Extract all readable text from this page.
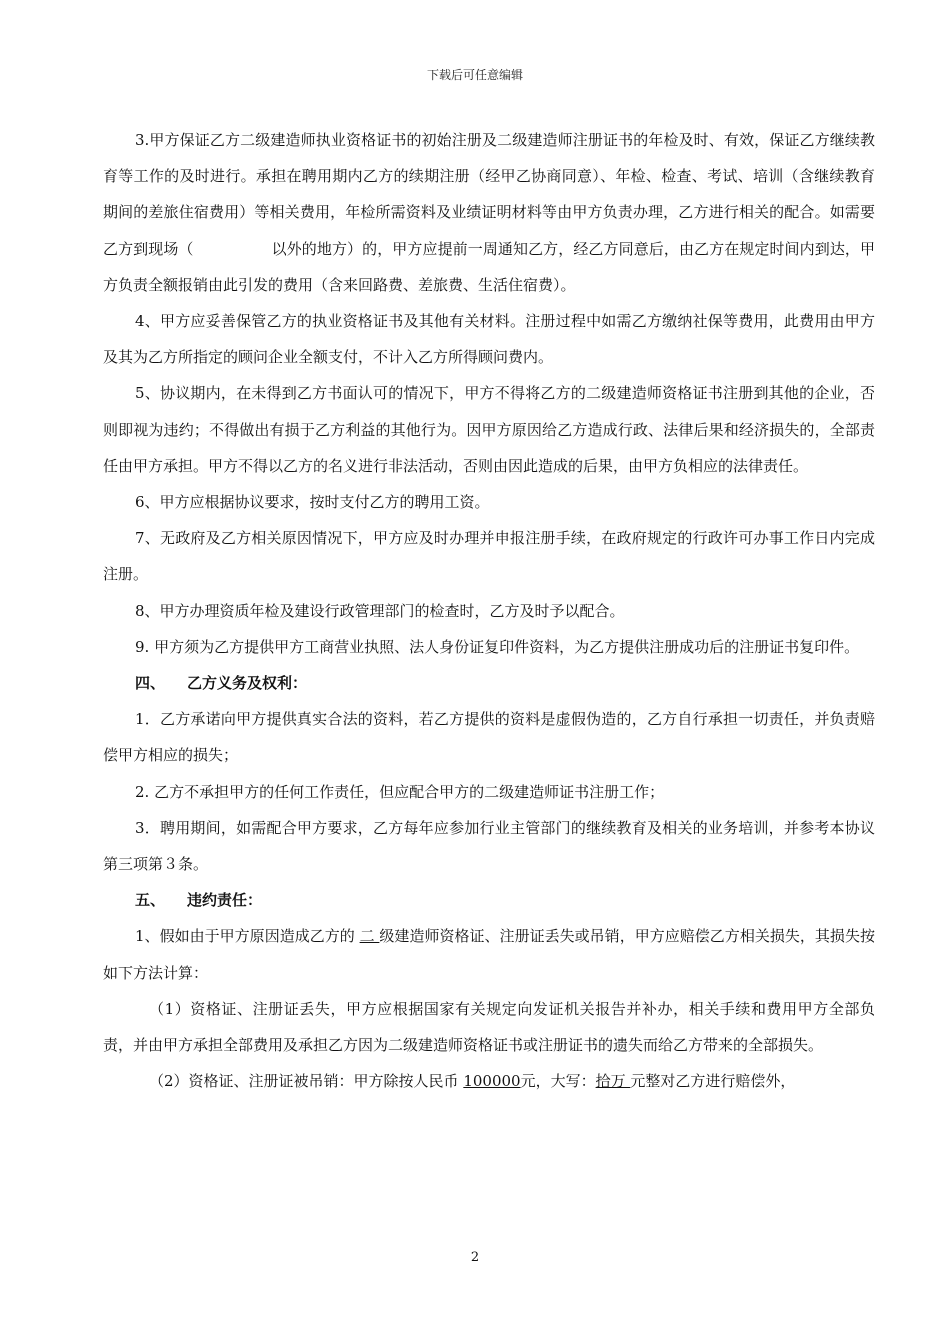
下载后可任意编辑

3.甲方保证乙方二级建造师执业资格证书的初始注册及二级建造师注册证书的年检及时、有效，保证乙方继续教育等工作的及时进行。承担在聘用期内乙方的续期注册（经甲乙协商同意）、年检、检查、考试、培训（含继续教育期间的差旅住宿费用）等相关费用，年检所需资料及业绩证明材料等由甲方负责办理，乙方进行相关的配合。如需要乙方到现场（	以外的地方）的，甲方应提前一周通知乙方，经乙方同意后，由乙方在规定时间内到达，甲方负责全额报销由此引发的费用（含来回路费、差旅费、生活住宿费）。

4、甲方应妥善保管乙方的执业资格证书及其他有关材料。注册过程中如需乙方缴纳社保等费用，此费用由甲方及其为乙方所指定的顾问企业全额支付，不计入乙方所得顾问费内。

5、协议期内，在未得到乙方书面认可的情况下，甲方不得将乙方的二级建造师资格证书注册到其他的企业，否则即视为违约；不得做出有损于乙方利益的其他行为。因甲方原因给乙方造成行政、法律后果和经济损失的，全部责任由甲方承担。甲方不得以乙方的名义进行非法活动，否则由因此造成的后果，由甲方负相应的法律责任。

6、甲方应根据协议要求，按时支付乙方的聘用工资。

7、无政府及乙方相关原因情况下，甲方应及时办理并申报注册手续，在政府规定的行政许可办事工作日内完成注册。

8、甲方办理资质年检及建设行政管理部门的检查时，乙方及时予以配合。

9. 甲方须为乙方提供甲方工商营业执照、法人身份证复印件资料，为乙方提供注册成功后的注册证书复印件。

四、 乙方义务及权利：

1．乙方承诺向甲方提供真实合法的资料，若乙方提供的资料是虚假伪造的，乙方自行承担一切责任，并负责赔偿甲方相应的损失；

2. 乙方不承担甲方的任何工作责任，但应配合甲方的二级建造师证书注册工作；

3．聘用期间，如需配合甲方要求，乙方每年应参加行业主管部门的继续教育及相关的业务培训，并参考本协议第三项第３条。

五、 违约责任：

1、假如由于甲方原因造成乙方的 二 级建造师资格证、注册证丢失或吊销，甲方应赔偿乙方相关损失，其损失按如下方法计算：

（1）资格证、注册证丢失，甲方应根据国家有关规定向发证机关报告并补办，相关手续和费用甲方全部负责，并由甲方承担全部费用及承担乙方因为二级建造师资格证书或注册证书的遗失而给乙方带来的全部损失。

（2）资格证、注册证被吊销：甲方除按人民币 100000元，大写：拾万 元整对乙方进行赔偿外，

2
